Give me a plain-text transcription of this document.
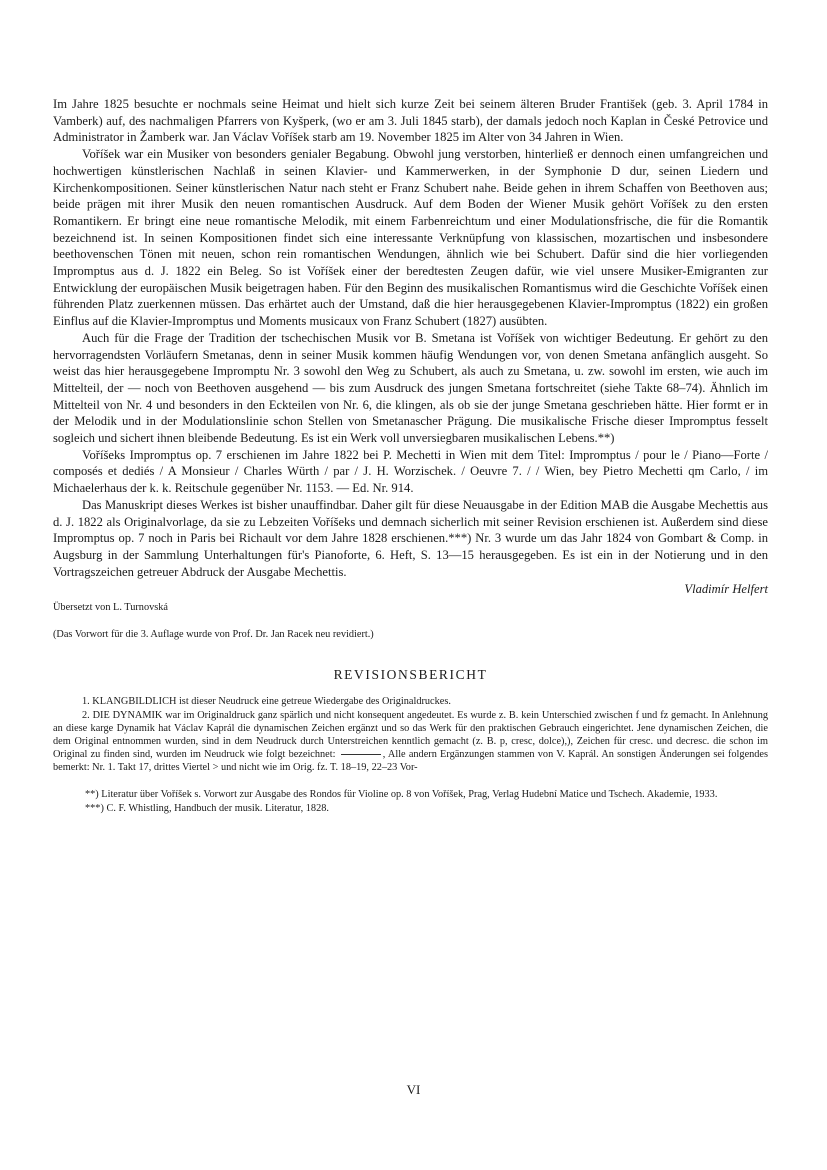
Im Jahre 1825 besuchte er nochmals seine Heimat und hielt sich kurze Zeit bei seinem älteren Bruder František (geb. 3. April 1784 in Vamberk) auf, des nachmaligen Pfarrers von Kyšperk, (wo er am 3. Juli 1845 starb), der damals jedoch noch Kaplan in České Petrovice und Administrator in Žamberk war. Jan Václav Voříšek starb am 19. November 1825 im Alter von 34 Jahren in Wien.

Voříšek war ein Musiker von besonders genialer Begabung. Obwohl jung verstorben, hinterließ er dennoch einen umfangreichen und hochwertigen künstlerischen Nachlaß in seinen Klavier- und Kammerwerken, in der Symphonie D dur, seinen Liedern und Kirchenkompositionen. Seiner künstlerischen Natur nach steht er Franz Schubert nahe. Beide gehen in ihrem Schaffen von Beethoven aus; beide prägen mit ihrer Musik den neuen romantischen Ausdruck. Auf dem Boden der Wiener Musik gehört Voříšek zu den ersten Romantikern. Er bringt eine neue romantische Melodik, mit einem Farbenreichtum und einer Modulationsfrische, die für die Romantik bezeichnend ist. In seinen Kompositionen findet sich eine interessante Verknüpfung von klassischen, mozartischen und insbesondere beethovenschen Tönen mit neuen, schon rein romantischen Wendungen, ähnlich wie bei Schubert. Dafür sind die hier vorliegenden Impromptus aus d. J. 1822 ein Beleg. So ist Voříšek einer der beredtesten Zeugen dafür, wie viel unsere Musiker-Emigranten zur Entwicklung der europäischen Musik beigetragen haben. Für den Beginn des musikalischen Romantismus wird die Geschichte Voříšek einen führenden Platz zuerkennen müssen. Das erhärtet auch der Umstand, daß die hier herausgegebenen Klavier-Impromptus (1822) ein großen Einflus auf die Klavier-Impromptus und Moments musicaux von Franz Schubert (1827) ausübten.

Auch für die Frage der Tradition der tschechischen Musik vor B. Smetana ist Voříšek von wichtiger Bedeutung. Er gehört zu den hervorragendsten Vorläufern Smetanas, denn in seiner Musik kommen häufig Wendungen vor, von denen Smetana anfänglich ausgeht. So weist das hier herausgegebene Impromptu Nr. 3 sowohl den Weg zu Schubert, als auch zu Smetana, u. zw. sowohl im ersten, wie auch im Mittelteil, der — noch von Beethoven ausgehend — bis zum Ausdruck des jungen Smetana fortschreitet (siehe Takte 68–74). Ähnlich im Mittelteil von Nr. 4 und besonders in den Eckteilen von Nr. 6, die klingen, als ob sie der junge Smetana geschrieben hätte. Hier formt er in der Melodik und in der Modulationslinie schon Stellen von Smetanascher Prägung. Die musikalische Frische dieser Impromptus fesselt sogleich und sichert ihnen bleibende Bedeutung. Es ist ein Werk voll unversiegbaren musikalischen Lebens.**)

Voříšeks Impromptus op. 7 erschienen im Jahre 1822 bei P. Mechetti in Wien mit dem Titel: Impromptus / pour le / Piano—Forte / composés et dediés / A Monsieur / Charles Würth / par / J. H. Worzischek. / Oeuvre 7. / / Wien, bey Pietro Mechetti qm Carlo, / im Michaelerhaus der k. k. Reitschule gegenüber Nr. 1153. — Ed. Nr. 914.

Das Manuskript dieses Werkes ist bisher unauffindbar. Daher gilt für diese Neuausgabe in der Edition MAB die Ausgabe Mechettis aus d. J. 1822 als Originalvorlage, da sie zu Lebzeiten Voříšeks und demnach sicherlich mit seiner Revision erschienen ist. Außerdem sind diese Impromptus op. 7 noch in Paris bei Richault vor dem Jahre 1828 erschienen.***) Nr. 3 wurde um das Jahr 1824 von Gombart & Comp. in Augsburg in der Sammlung Unterhaltungen für's Pianoforte, 6. Heft, S. 13—15 herausgegeben. Es ist ein in der Notierung und in den Vortragszeichen getreuer Abdruck der Ausgabe Mechettis.

Vladimír Helfert

Übersetzt von L. Turnovská

(Das Vorwort für die 3. Auflage wurde von Prof. Dr. Jan Racek neu revidiert.)

REVISIONSBERICHT

1. KLANGBILDLICH ist dieser Neudruck eine getreue Wiedergabe des Originaldruckes.

2. DIE DYNAMIK war im Originaldruck ganz spärlich und nicht konsequent angedeutet. Es wurde z. B. kein Unterschied zwischen f und fz gemacht. In Anlehnung an diese karge Dynamik hat Václav Kaprál die dynamischen Zeichen ergänzt und so das Werk für den praktischen Gebrauch eingerichtet. Jene dynamischen Zeichen, die dem Original entnommen wurden, sind in dem Neudruck durch Unterstreichen kenntlich gemacht (z. B. p, cresc, dolce),), Zeichen für cresc. und decresc. die schon im Original zu finden sind, wurden im Neudruck wie folgt bezeichnet:	, Alle andern Ergänzungen stammen von V. Kaprál. An sonstigen Änderungen sei folgendes bemerkt: Nr. 1. Takt 17, drittes Viertel > und nicht wie im Orig. fz. T. 18–19, 22–23 Vor-

**) Literatur über Voříšek s. Vorwort zur Ausgabe des Rondos für Violine op. 8 von Voříšek, Prag, Verlag Hudební Matice und Tschech. Akademie, 1933.

***) C. F. Whistling, Handbuch der musik. Literatur, 1828.

VI
